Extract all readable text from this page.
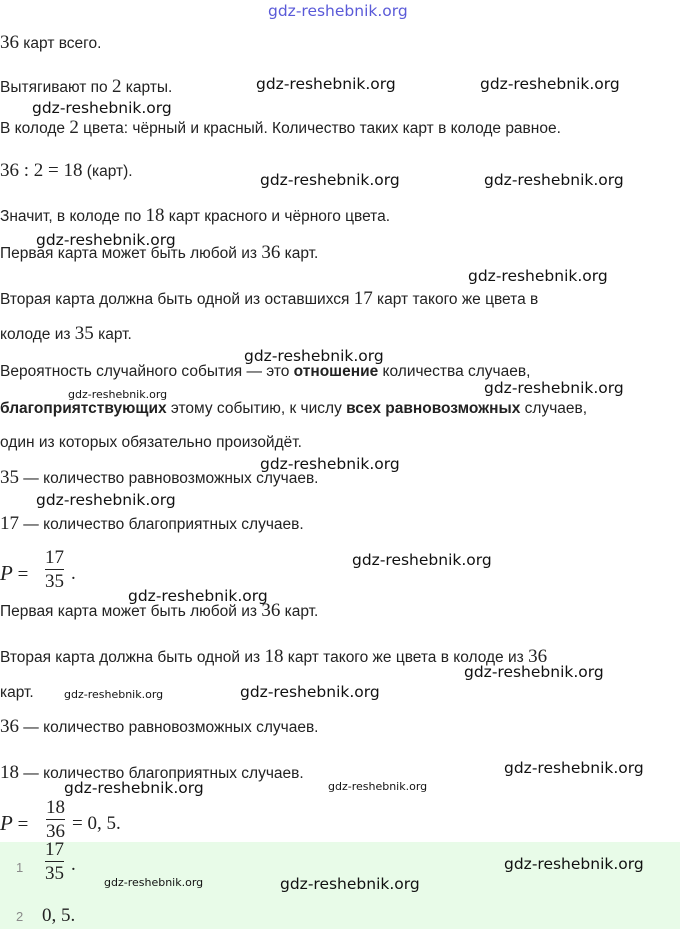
gdz-reshebnik.org
36 карт всего.
Вытягивают по 2 карты.
В колоде 2 цвета: чёрный и красный. Количество таких карт в колоде равное.
36 : 2 = 18 (карт).
Значит, в колоде по 18 карт красного и чёрного цвета.
Первая карта может быть любой из 36 карт.
Вторая карта должна быть одной из оставшихся 17 карт такого же цвета в
колоде из 35 карт.
Вероятность случайного события — это отношение количества случаев,
благоприятствующих этому событию, к числу всех равновозможных случаев,
один из которых обязательно произойдёт.
35 — количество равновозможных случаев.
17 — количество благоприятных случаев.
P =
17
35 .
Первая карта может быть любой из 36 карт.
Вторая карта должна быть одной из 18 карт такого же цвета в колоде из 36
карт.
36 — количество равновозможных случаев.
18 — количество благоприятных случаев.
P =
18
36 = 0, 5.
1
17
35 .
2 0, 5.
gdz-reshebnik.org	gdz-reshebnik.org
gdz-reshebnik.org
gdz-reshebnik.org	gdz-reshebnik.org
gdz-reshebnik.org
gdz-reshebnik.org
gdz-reshebnik.org
gdz-reshebnik.org	gdz-reshebnik.org
gdz-reshebnik.org
gdz-reshebnik.org
gdz-reshebnik.org
gdz-reshebnik.org
gdz-reshebnik.org
gdz-reshebnik.org	gdz-reshebnik.org
gdz-reshebnik.org
gdz-reshebnik.org	gdz-reshebnik.org
gdz-reshebnik.org
gdz-reshebnik.org	gdz-reshebnik.org
